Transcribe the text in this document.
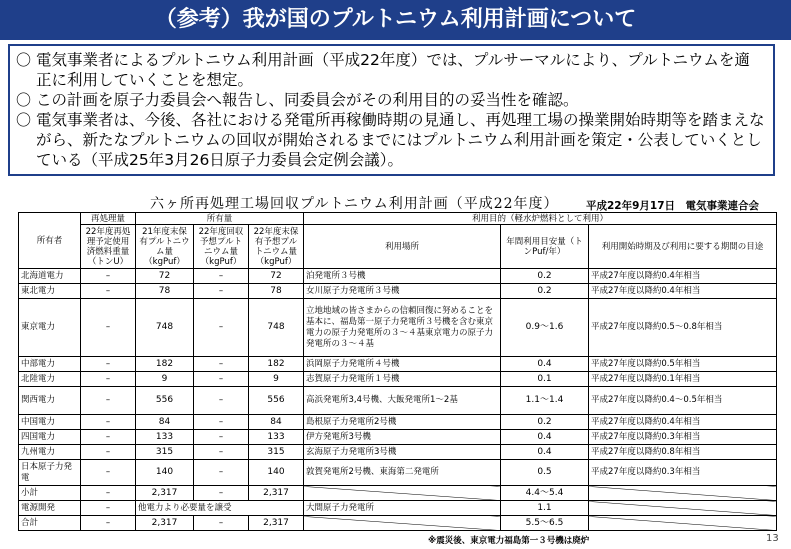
（参考）我が国のプルトニウム利用計画について
〇 電気事業者によるプルトニウム利用計画（平成22年度）では、プルサーマルにより、プルトニウムを適正に利用していくことを想定。
〇 この計画を原子力委員会へ報告し、同委員会がその利用目的の妥当性を確認。
〇 電気事業者は、今後、各社における発電所再稼働時期の見通し、再処理工場の操業開始時期等を踏まえながら、新たなプルトニウムの回収が開始されるまでにはプルトニウム利用計画を策定・公表していくとしている（平成25年3月26日原子力委員会定例会議）。
六ヶ所再処理工場回収プルトニウム利用計画（平成22年度）	平成22年9月17日　電気事業連合会
所有者	再処理量	所有量			利用目的（軽水炉燃料として利用）		
	22年度再処理予定使用済燃料重量（トンU）	21年度末保有プルトニウム量（kgPuf）	22年度回収予想プルトニウム量（kgPuf）	22年度末保有予想プルトニウム量（kgPuf）	利用場所	年間利用目安量（トンPuf/年）	利用開始時期及び利用に要する期間の目途
北海道電力	–	72	–	72	泊発電所３号機	0.2	平成27年度以降約0.4年相当
東北電力	–	78	–	78	女川原子力発電所３号機	0.2	平成27年度以降約0.4年相当
東京電力	–	748	–	748	立地地域の皆さまからの信頼回復に努めることを基本に、福島第一原子力発電所３号機を含む東京電力の原子力発電所の３～４基東京電力の原子力発電所の３～４基	0.9～1.6	平成27年度以降約0.5～0.8年相当
中部電力	–	182	–	182	浜岡原子力発電所４号機	0.4	平成27年度以降約0.5年相当
北陸電力	–	9	–	9	志賀原子力発電所１号機	0.1	平成27年度以降約0.1年相当
関西電力	–	556	–	556	高浜発電所3,4号機、大飯発電所1～2基	1.1～1.4	平成27年度以降約0.4～0.5年相当
中国電力	–	84	–	84	島根原子力発電所2号機	0.2	平成27年度以降約0.4年相当
四国電力	–	133	–	133	伊方発電所3号機	0.4	平成27年度以降約0.3年相当
九州電力	–	315	–	315	玄海原子力発電所3号機	0.4	平成27年度以降約0.8年相当
日本原子力発電	–	140	–	140	敦賀発電所2号機、東海第二発電所	0.5	平成27年度以降約0.3年相当
小計	–	2,317	–	2,317		4.4～5.4	
電源開発	–	他電力より必要量を譲受			大間原子力発電所	1.1	
合計	–	2,317	–	2,317		5.5～6.5	
※震災後、東京電力福島第一３号機は廃炉	13
